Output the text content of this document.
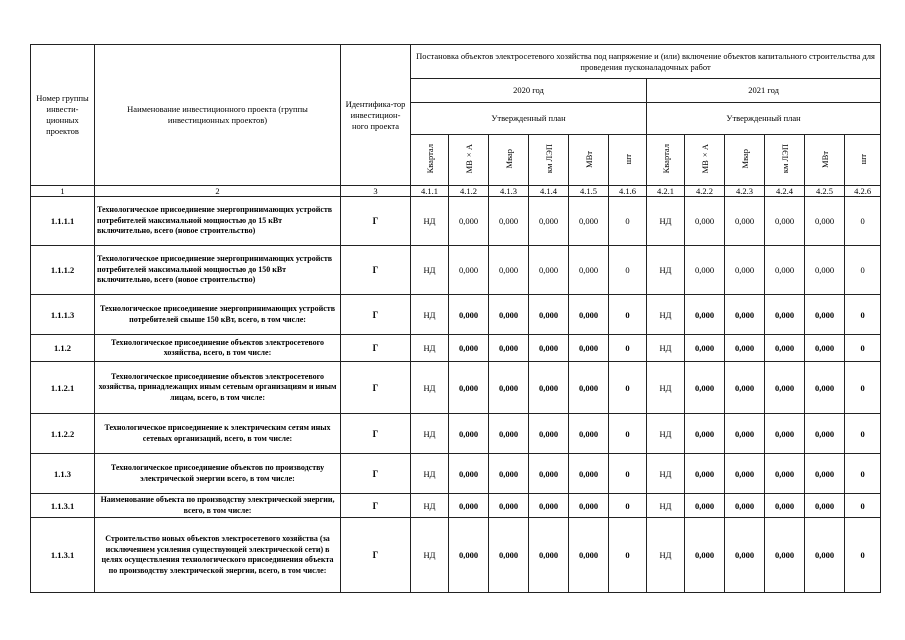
Номер группы инвести-ционных проектов	Наименование инвестиционного проекта (группы инвестиционных проектов)	Идентифика-тор инвестицион-ного проекта	Постановка объектов электросетевого хозяйства под напряжение и (или) включение объектов капитального строительства для проведения пусконаладочных работ											
			2020 год						2021 год					
			Утвержденный план						Утвержденный план					
			Квартал	МВ×А	Мвар	км ЛЭП	МВт	шт	Квартал	МВ×А	Мвар	км ЛЭП	МВт	шт
1	2	3	4.1.1	4.1.2	4.1.3	4.1.4	4.1.5	4.1.6	4.2.1	4.2.2	4.2.3	4.2.4	4.2.5	4.2.6
1.1.1.1	Технологическое присоединение энергопринимающих устройств потребителей максимальной мощностью до 15 кВт включительно, всего (новое строительство)	Г	НД	0,000	0,000	0,000	0,000	0	НД	0,000	0,000	0,000	0,000	0
1.1.1.2	Технологическое присоединение энергопринимающих устройств потребителей максимальной мощностью до 150 кВт включительно, всего (новое строительство)	Г	НД	0,000	0,000	0,000	0,000	0	НД	0,000	0,000	0,000	0,000	0
1.1.1.3	Технологическое присоединение энергопринимающих устройств потребителей свыше 150 кВт, всего, в том числе:	Г	НД	0,000	0,000	0,000	0,000	0	НД	0,000	0,000	0,000	0,000	0
1.1.2	Технологическое присоединение объектов электросетевого хозяйства, всего, в том числе:	Г	НД	0,000	0,000	0,000	0,000	0	НД	0,000	0,000	0,000	0,000	0
1.1.2.1	Технологическое присоединение объектов электросетевого хозяйства, принадлежащих иным сетевым организациям и иным лицам, всего, в том числе:	Г	НД	0,000	0,000	0,000	0,000	0	НД	0,000	0,000	0,000	0,000	0
1.1.2.2	Технологическое присоединение к электрическим сетям иных сетевых организаций, всего, в том числе:	Г	НД	0,000	0,000	0,000	0,000	0	НД	0,000	0,000	0,000	0,000	0
1.1.3	Технологическое присоединение объектов по производству электрической энергии всего, в том числе:	Г	НД	0,000	0,000	0,000	0,000	0	НД	0,000	0,000	0,000	0,000	0
1.1.3.1	Наименование объекта по производству электрической энергии, всего, в том числе:	Г	НД	0,000	0,000	0,000	0,000	0	НД	0,000	0,000	0,000	0,000	0
1.1.3.1	Строительство новых объектов электросетевого хозяйства (за исключением усиления существующей электрической сети) в целях осуществления технологического присоединения объекта по производству электрической энергии, всего, в том числе:	Г	НД	0,000	0,000	0,000	0,000	0	НД	0,000	0,000	0,000	0,000	0
